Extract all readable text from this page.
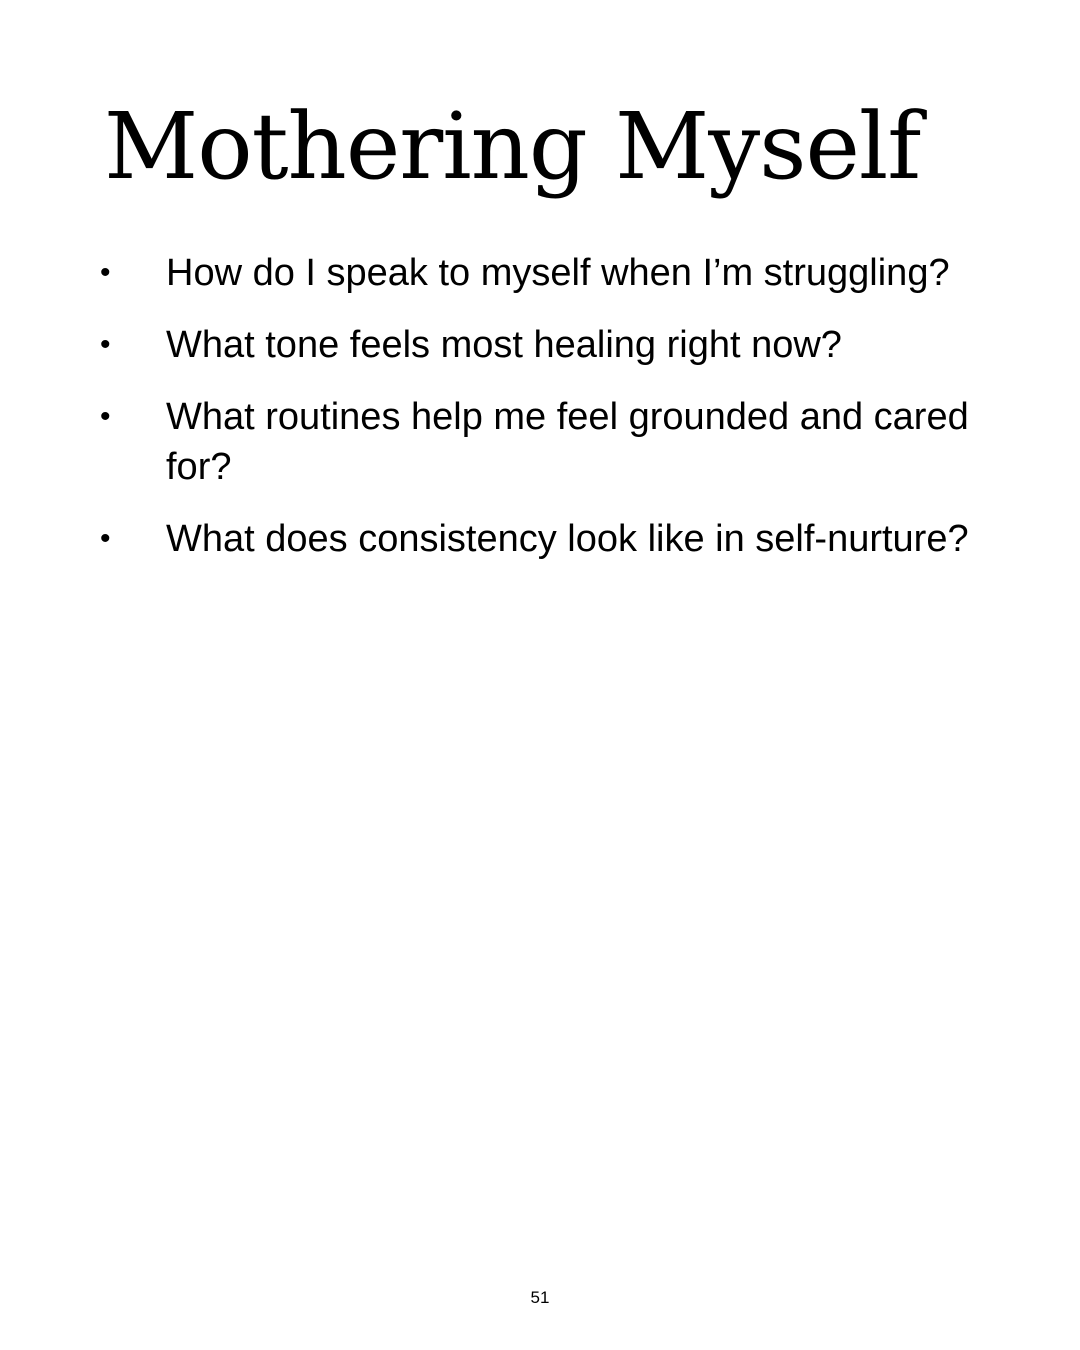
Mothering Myself
• How do I speak to myself when I’m struggling?
• What tone feels most healing right now?
• What routines help me feel grounded and cared for?
• What does consistency look like in self-nurture?
51
